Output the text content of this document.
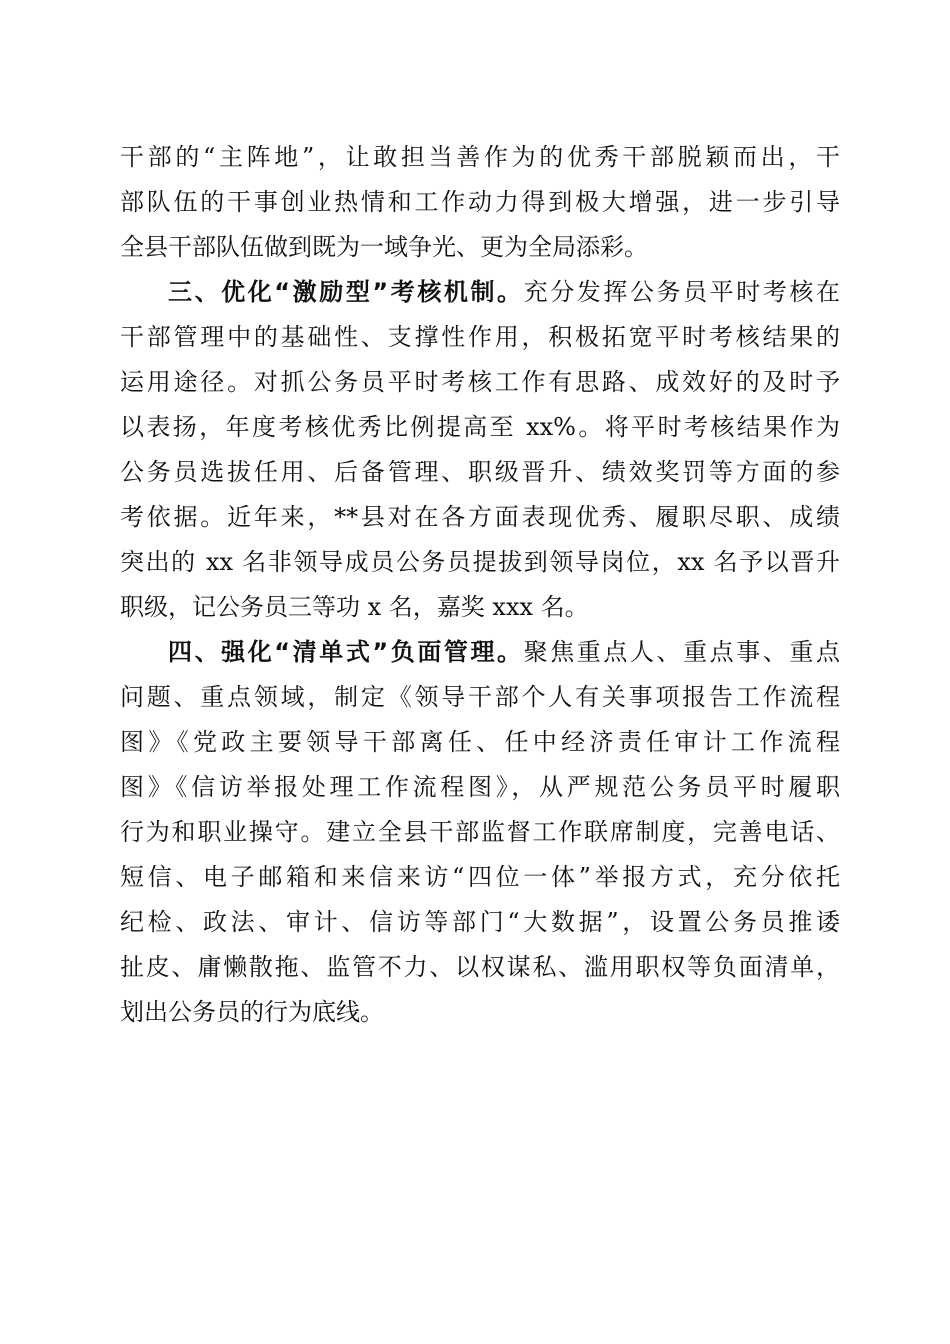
干部的“主阵地”，让敢担当善作为的优秀干部脱颖而出，干
部队伍的干事创业热情和工作动力得到极大增强，进一步引导
全县干部队伍做到既为一域争光、更为全局添彩。
三、优化“激励型”考核机制。充分发挥公务员平时考核在
干部管理中的基础性、支撑性作用，积极拓宽平时考核结果的
运用途径。对抓公务员平时考核工作有思路、成效好的及时予
以表扬，年度考核优秀比例提高至 xx%。将平时考核结果作为
公务员选拔任用、后备管理、职级晋升、绩效奖罚等方面的参
考依据。近年来，**县对在各方面表现优秀、履职尽职、成绩
突出的 xx 名非领导成员公务员提拔到领导岗位，xx 名予以晋升
职级，记公务员三等功 x 名，嘉奖 xxx 名。
四、强化“清单式”负面管理。聚焦重点人、重点事、重点
问题、重点领域，制定《领导干部个人有关事项报告工作流程
图》《党政主要领导干部离任、任中经济责任审计工作流程
图》《信访举报处理工作流程图》，从严规范公务员平时履职
行为和职业操守。建立全县干部监督工作联席制度，完善电话、
短信、电子邮箱和来信来访“四位一体”举报方式，充分依托
纪检、政法、审计、信访等部门“大数据”，设置公务员推诿
扯皮、庸懒散拖、监管不力、以权谋私、滥用职权等负面清单，
划出公务员的行为底线。
